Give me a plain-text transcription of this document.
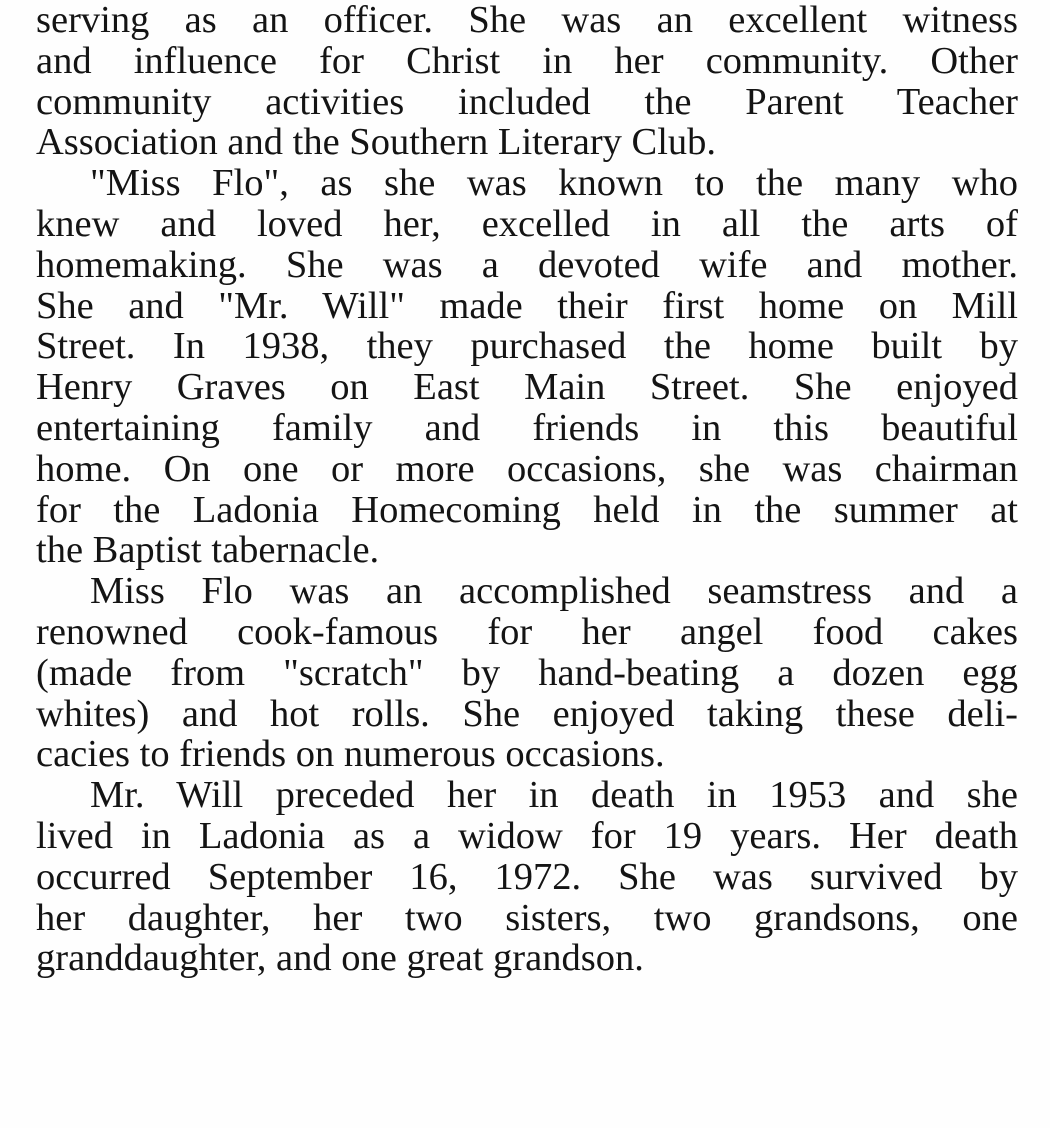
serving as an officer. She was an excellent witness
and influence for Christ in her community. Other
community activities included the Parent Teacher
Association and the Southern Literary Club.
"Miss Flo", as she was known to the many who
knew and loved her, excelled in all the arts of
homemaking. She was a devoted wife and mother.
She and "Mr. Will" made their first home on Mill
Street. In 1938, they purchased the home built by
Henry Graves on East Main Street. She enjoyed
entertaining family and friends in this beautiful
home. On one or more occasions, she was chairman
for the Ladonia Homecoming held in the summer at
the Baptist tabernacle.
Miss Flo was an accomplished seamstress and a
renowned cook-famous for her angel food cakes
(made from "scratch" by hand-beating a dozen egg
whites) and hot rolls. She enjoyed taking these deli-
cacies to friends on numerous occasions.
Mr. Will preceded her in death in 1953 and she
lived in Ladonia as a widow for 19 years. Her death
occurred September 16, 1972. She was survived by
her daughter, her two sisters, two grandsons, one
granddaughter, and one great grandson.
